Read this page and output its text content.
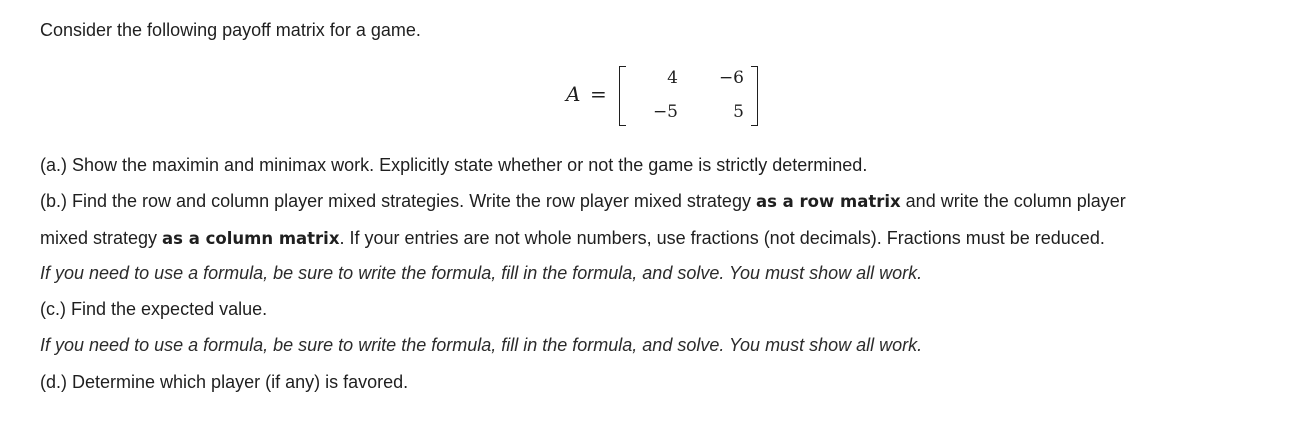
Consider the following payoff matrix for a game.
A =
4 −6
−5	5
(a.) Show the maximin and minimax work. Explicitly state whether or not the game is strictly determined.
(b.) Find the row and column player mixed strategies. Write the row player mixed strategy as a row matrix and write the column player
mixed strategy as a column matrix. If your entries are not whole numbers, use fractions (not decimals). Fractions must be reduced.
If you need to use a formula, be sure to write the formula, fill in the formula, and solve. You must show all work.
(c.) Find the expected value.
If you need to use a formula, be sure to write the formula, fill in the formula, and solve. You must show all work.
(d.) Determine which player (if any) is favored.
